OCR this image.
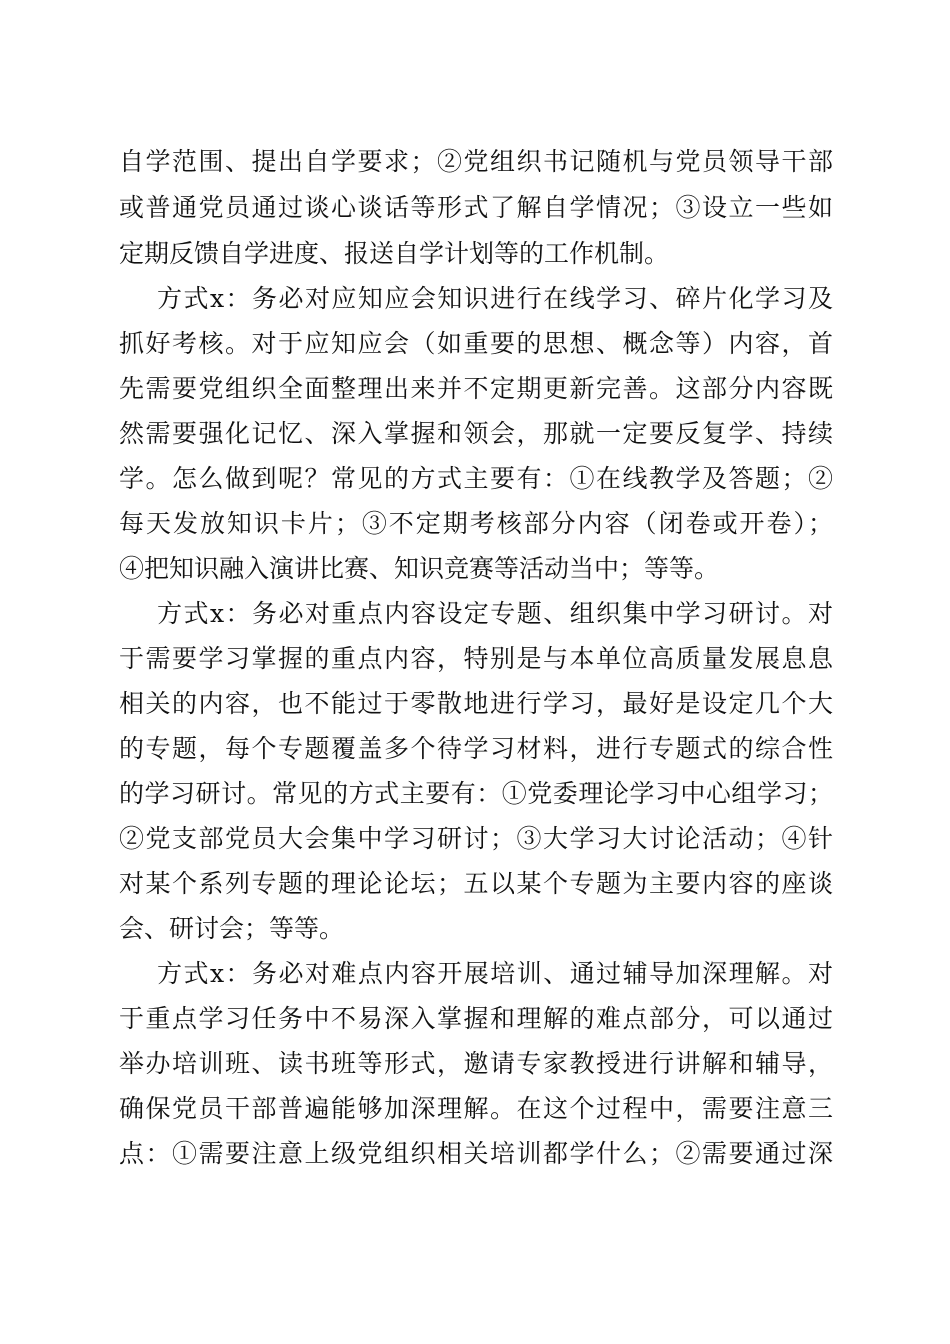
自学范围、提出自学要求；②党组织书记随机与党员领导干部
或普通党员通过谈心谈话等形式了解自学情况；③设立一些如
定期反馈自学进度、报送自学计划等的工作机制。
方式x：务必对应知应会知识进行在线学习、碎片化学习及
抓好考核。对于应知应会（如重要的思想、概念等）内容，首
先需要党组织全面整理出来并不定期更新完善。这部分内容既
然需要强化记忆、深入掌握和领会，那就一定要反复学、持续
学。怎么做到呢？常见的方式主要有：①在线教学及答题；②
每天发放知识卡片；③不定期考核部分内容（闭卷或开卷）；
④把知识融入演讲比赛、知识竞赛等活动当中；等等。
方式x：务必对重点内容设定专题、组织集中学习研讨。对
于需要学习掌握的重点内容，特别是与本单位高质量发展息息
相关的内容，也不能过于零散地进行学习，最好是设定几个大
的专题，每个专题覆盖多个待学习材料，进行专题式的综合性
的学习研讨。常见的方式主要有：①党委理论学习中心组学习；
②党支部党员大会集中学习研讨；③大学习大讨论活动；④针
对某个系列专题的理论论坛；五以某个专题为主要内容的座谈
会、研讨会；等等。
方式x：务必对难点内容开展培训、通过辅导加深理解。对
于重点学习任务中不易深入掌握和理解的难点部分，可以通过
举办培训班、读书班等形式，邀请专家教授进行讲解和辅导，
确保党员干部普遍能够加深理解。在这个过程中，需要注意三
点：①需要注意上级党组织相关培训都学什么；②需要通过深
